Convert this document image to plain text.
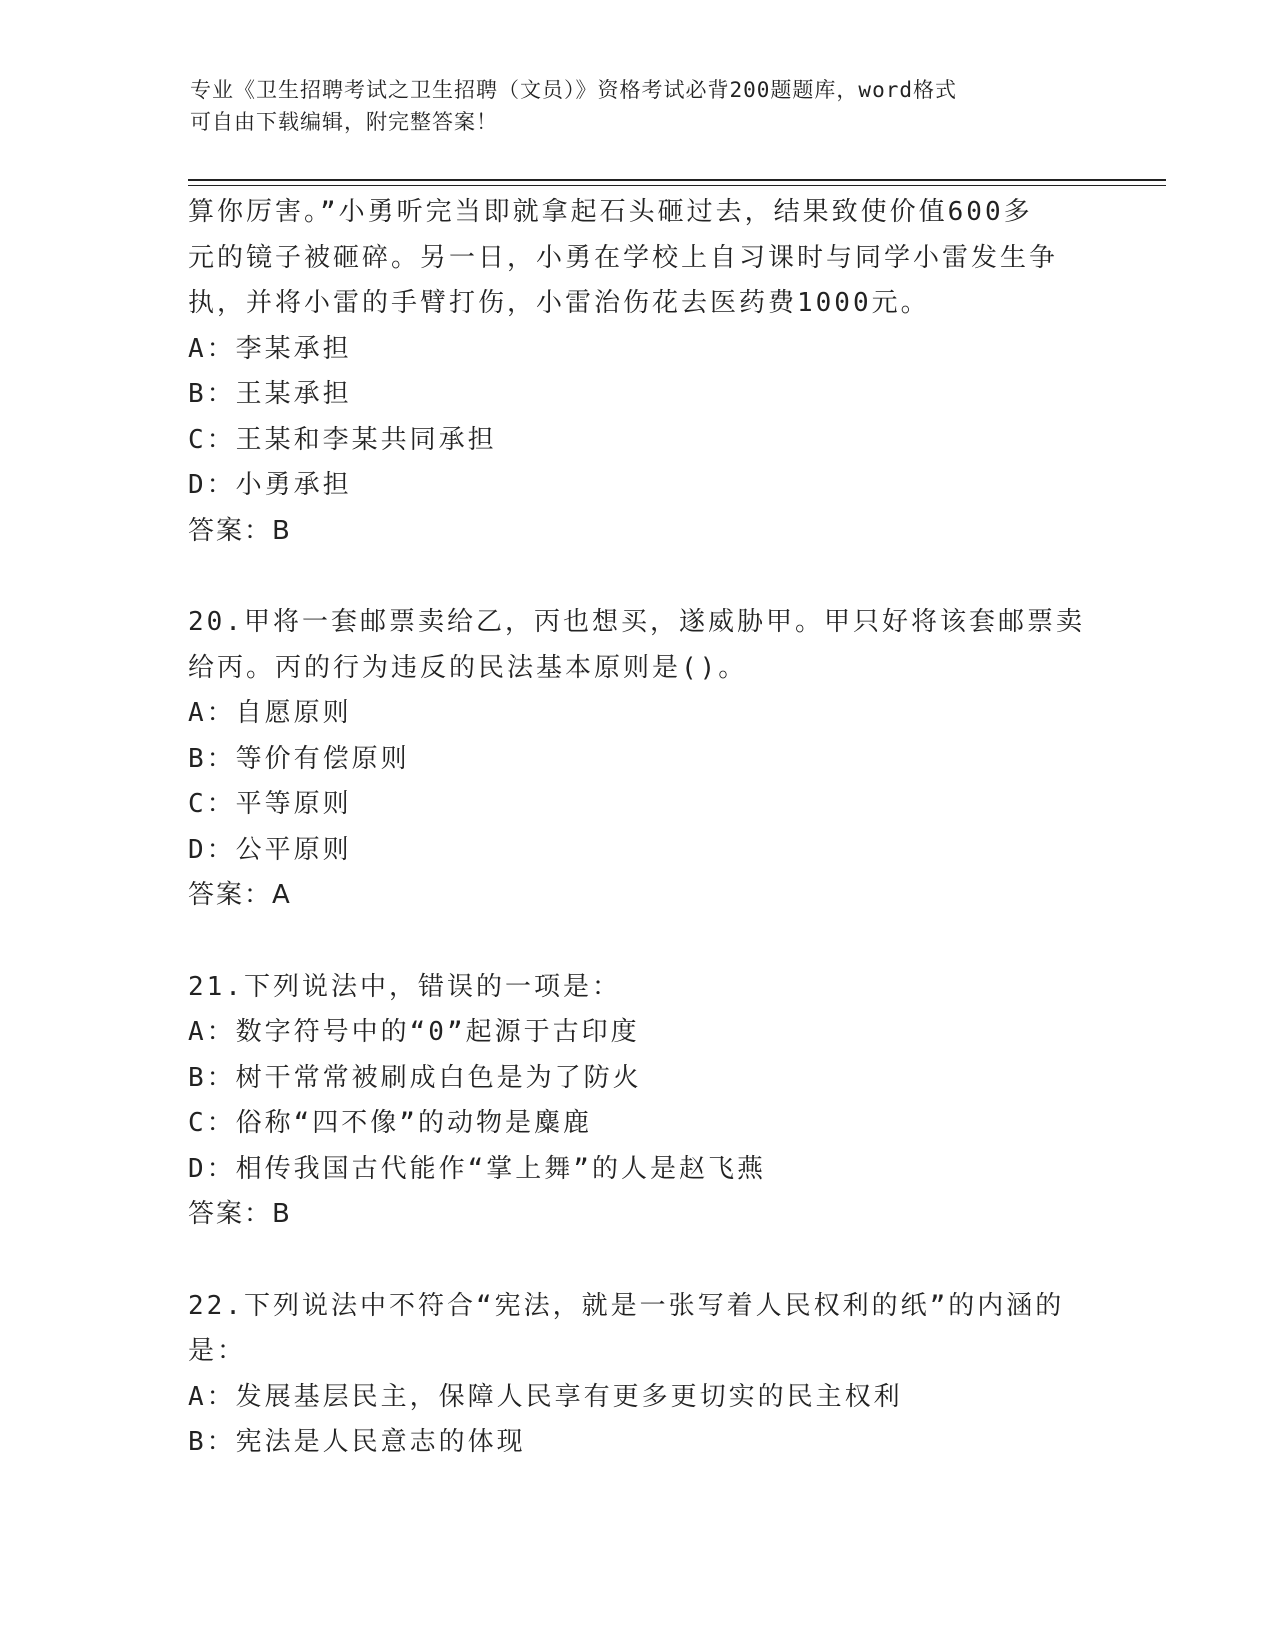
专业《卫生招聘考试之卫生招聘（文员）》资格考试必背200题题库，word格式
可自由下载编辑，附完整答案！
算你厉害。”小勇听完当即就拿起石头砸过去，结果致使价值600多
元的镜子被砸碎。另一日，小勇在学校上自习课时与同学小雷发生争
执，并将小雷的手臂打伤，小雷治伤花去医药费1000元。
A：李某承担
B：王某承担
C：王某和李某共同承担
D：小勇承担
答案：B
20.甲将一套邮票卖给乙，丙也想买，遂威胁甲。甲只好将该套邮票卖
给丙。丙的行为违反的民法基本原则是()。
A：自愿原则
B：等价有偿原则
C：平等原则
D：公平原则
答案：A
21.下列说法中，错误的一项是：
A：数字符号中的“0”起源于古印度
B：树干常常被刷成白色是为了防火
C：俗称“四不像”的动物是麋鹿
D：相传我国古代能作“掌上舞”的人是赵飞燕
答案：B
22.下列说法中不符合“宪法，就是一张写着人民权利的纸”的内涵的
是：
A：发展基层民主，保障人民享有更多更切实的民主权利
B：宪法是人民意志的体现
